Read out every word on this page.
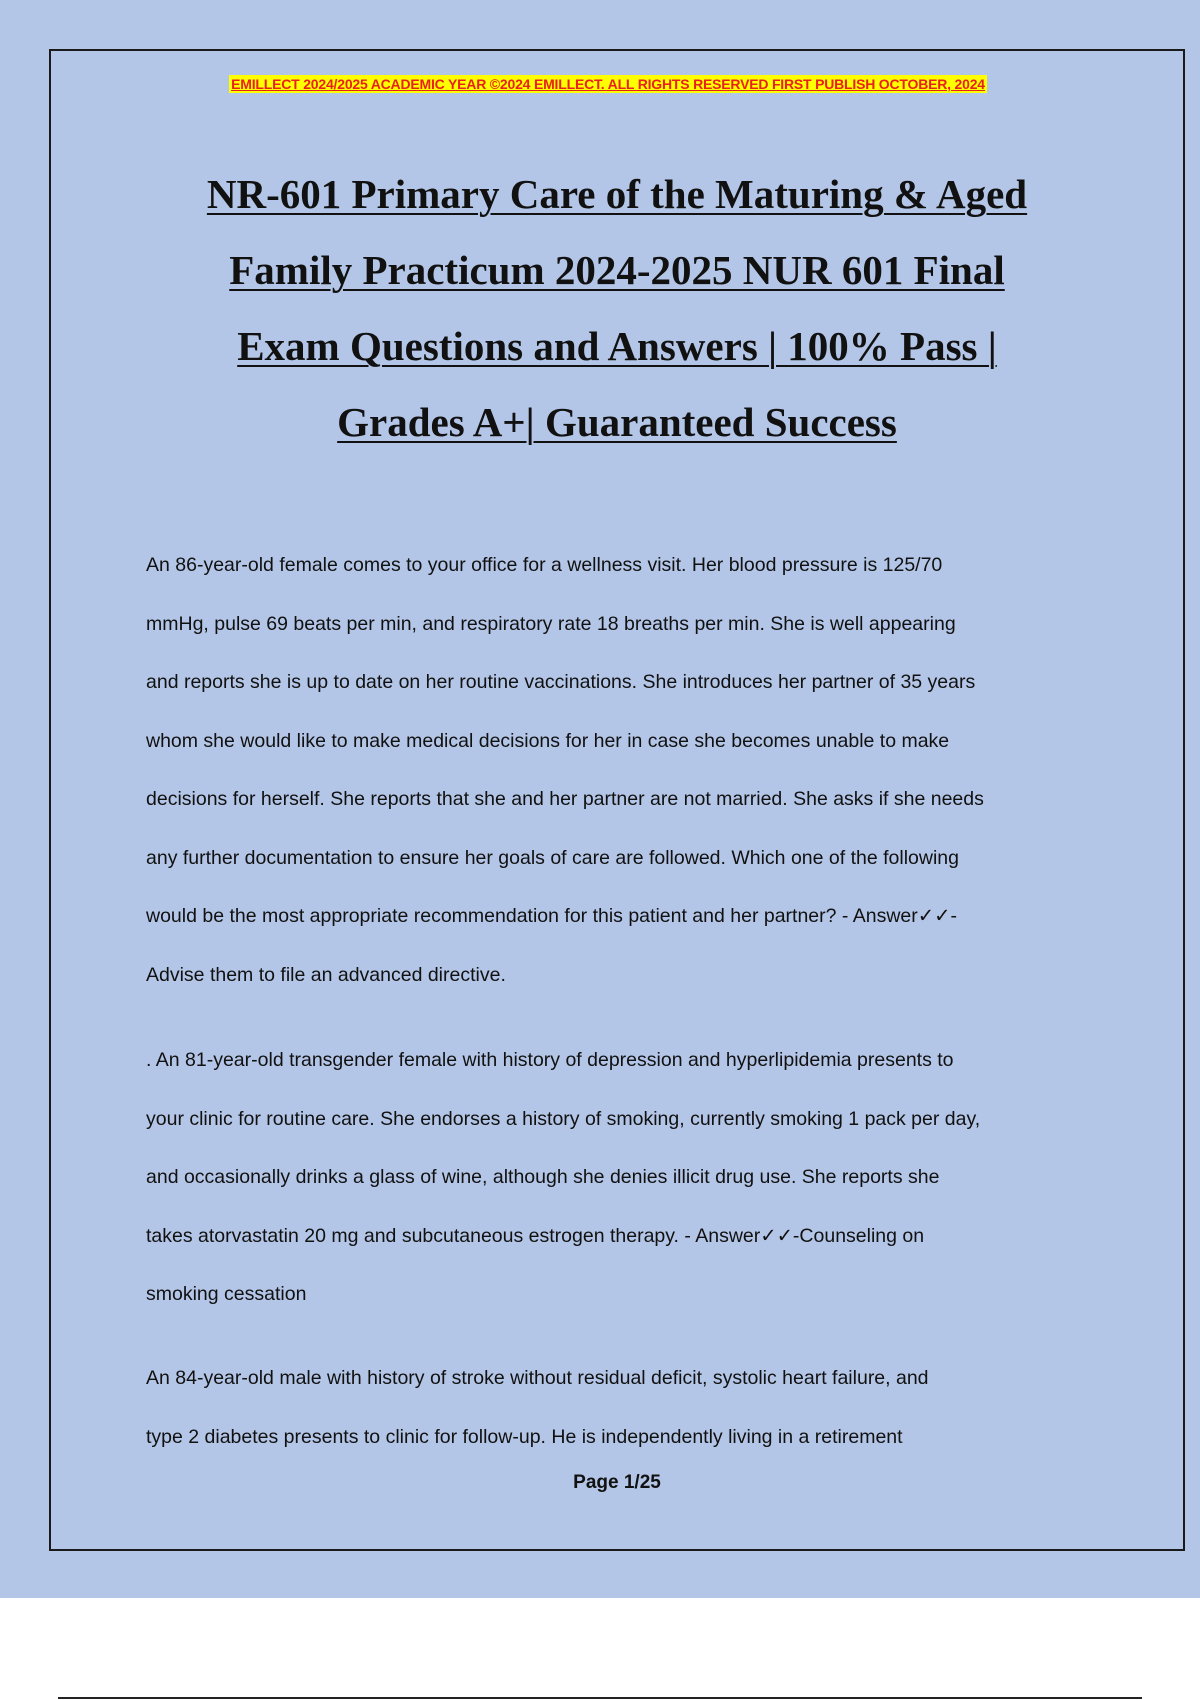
EMILLECT 2024/2025 ACADEMIC YEAR ©2024 EMILLECT. ALL RIGHTS RESERVED FIRST PUBLISH OCTOBER, 2024
NR-601 Primary Care of the Maturing & Aged
Family Practicum 2024-2025 NUR 601 Final
Exam Questions and Answers | 100% Pass |
Grades A+| Guaranteed Success
An 86-year-old female comes to your office for a wellness visit. Her blood pressure is 125/70
mmHg, pulse 69 beats per min, and respiratory rate 18 breaths per min. She is well appearing
and reports she is up to date on her routine vaccinations. She introduces her partner of 35 years
whom she would like to make medical decisions for her in case she becomes unable to make
decisions for herself. She reports that she and her partner are not married. She asks if she needs
any further documentation to ensure her goals of care are followed. Which one of the following
would be the most appropriate recommendation for this patient and her partner? - Answer✓✓-
Advise them to file an advanced directive.
. An 81-year-old transgender female with history of depression and hyperlipidemia presents to
your clinic for routine care. She endorses a history of smoking, currently smoking 1 pack per day,
and occasionally drinks a glass of wine, although she denies illicit drug use. She reports she
takes atorvastatin 20 mg and subcutaneous estrogen therapy. - Answer✓✓-Counseling on
smoking cessation
An 84-year-old male with history of stroke without residual deficit, systolic heart failure, and
type 2 diabetes presents to clinic for follow-up. He is independently living in a retirement
Page 1/25
